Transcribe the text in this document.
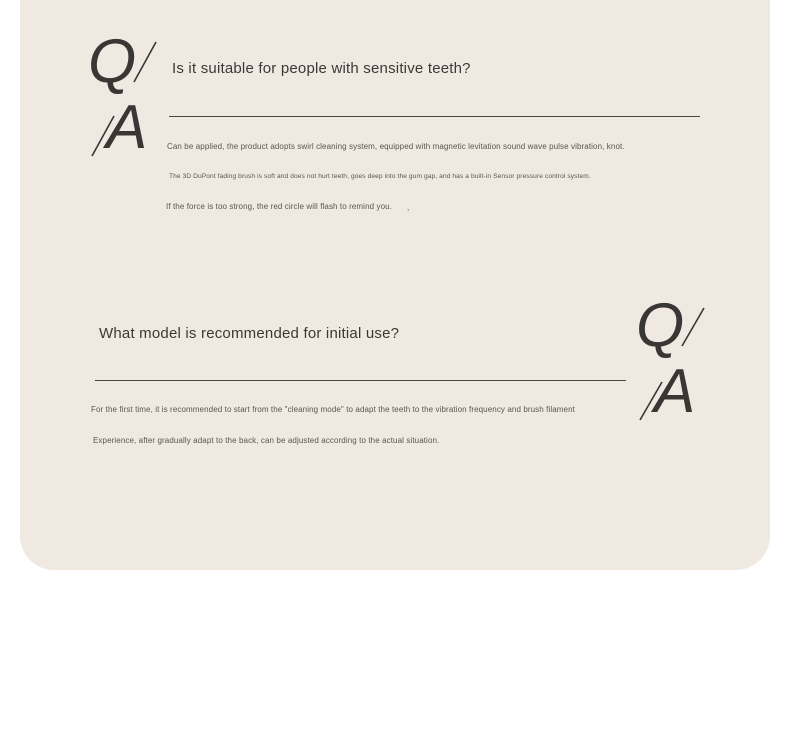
Q
A
Is it suitable for people with sensitive teeth?
Can be applied, the product adopts swirl cleaning system, equipped with magnetic levitation sound wave pulse vibration, knot.
The 3D DuPont fading brush is soft and does not hurt teeth, goes deep into the gum gap, and has a built-in Sensor pressure control system.
If the force is too strong, the red circle will flash to remind you. ,
What model is recommended for initial use?
For the first time, it is recommended to start from the "cleaning mode" to adapt the teeth to the vibration frequency and brush filament
Experience, after gradually adapt to the back, can be adjusted according to the actual situation.
Q
A
